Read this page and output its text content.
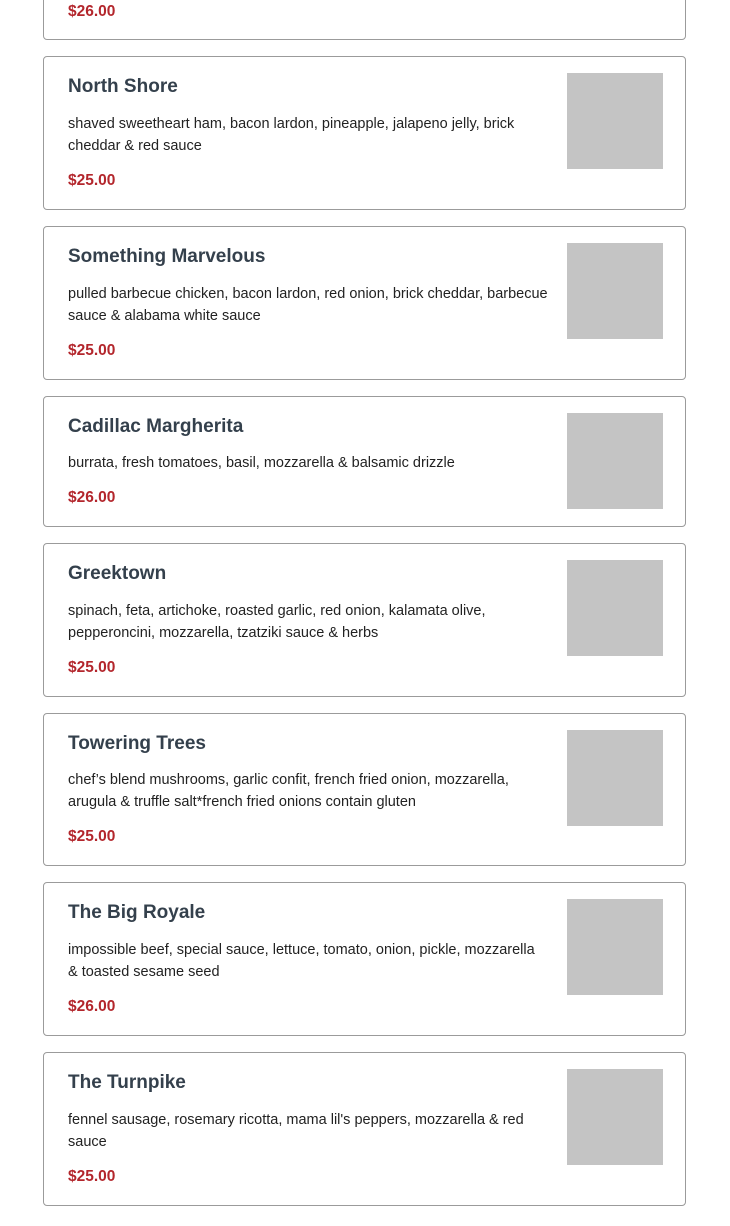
$26.00

North Shore

shaved sweetheart ham, bacon lardon, pineapple, jalapeno jelly, brick cheddar & red sauce

$25.00

Something Marvelous

pulled barbecue chicken, bacon lardon, red onion, brick cheddar, barbecue sauce & alabama white sauce

$25.00

Cadillac Margherita

burrata, fresh tomatoes, basil, mozzarella & balsamic drizzle

$26.00

Greektown

spinach, feta, artichoke, roasted garlic, red onion, kalamata olive, pepperoncini, mozzarella, tzatziki sauce & herbs

$25.00

Towering Trees

chef’s blend mushrooms, garlic confit, french fried onion, mozzarella, arugula & truffle salt*french fried onions contain gluten

$25.00

The Big Royale

impossible beef, special sauce, lettuce, tomato, onion, pickle, mozzarella & toasted sesame seed

$26.00

The Turnpike

fennel sausage, rosemary ricotta, mama lil's peppers, mozzarella & red sauce

$25.00
